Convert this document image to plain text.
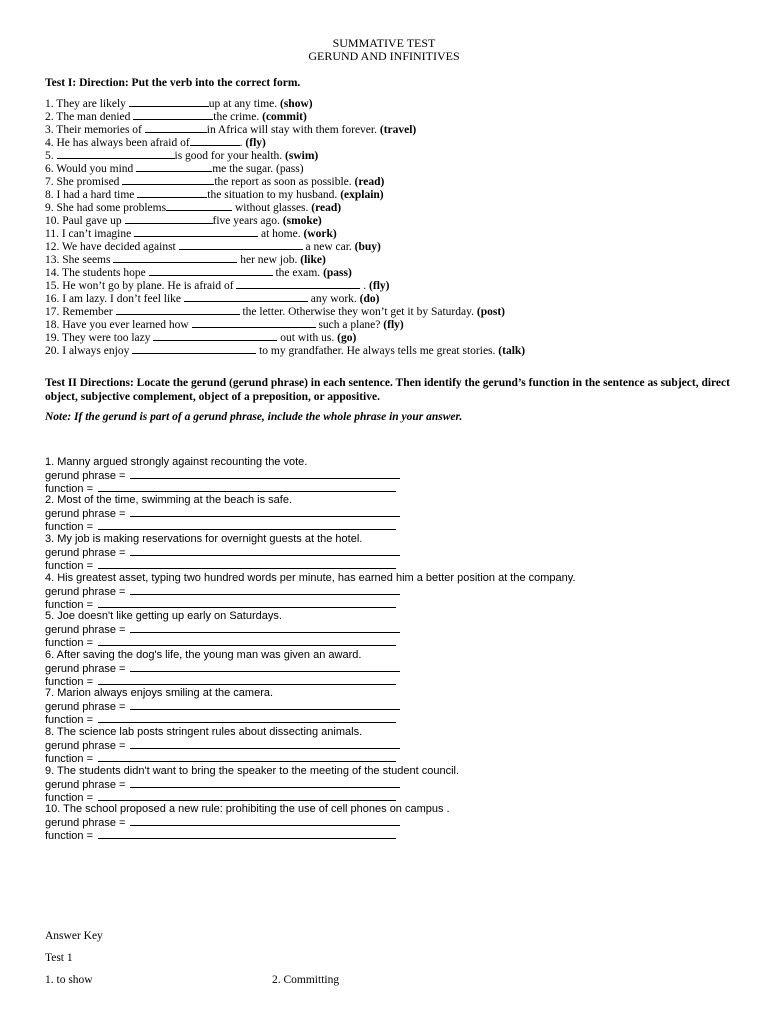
SUMMATIVE TEST
GERUND AND INFINITIVES
Test I: Direction: Put the verb into the correct form.
1. They are likely	up at any time. (show)
2. The man denied	the crime. (commit)
3. Their memories of	in Africa will stay with them forever. (travel)
4. He has always been afraid of	. (fly)
5.	is good for your health. (swim)
6. Would you mind	me the sugar. (pass)
7. She promised	the report as soon as possible. (read)
8. I had a hard time	the situation to my husband. (explain)
9. She had some problems	without glasses. (read)
10. Paul gave up	five years ago. (smoke)
11. I can’t imagine	at home. (work)
12. We have decided against	a new car. (buy)
13. She seems	her new job. (like)
14. The students hope	the exam. (pass)
15. He won’t go by plane. He is afraid of	. (fly)
16. I am lazy. I don’t feel like	any work. (do)
17. Remember	the letter. Otherwise they won’t get it by Saturday. (post)
18. Have you ever learned how	such a plane? (fly)
19. They were too lazy	out with us. (go)
20. I always enjoy	to my grandfather. He always tells me great stories. (talk)
Test II Directions: Locate the gerund (gerund phrase) in each sentence. Then identify the gerund’s function in the sentence as subject, direct object, subjective complement, object of a preposition, or appositive.
Note: If the gerund is part of a gerund phrase, include the whole phrase in your answer.
1. Manny argued strongly against recounting the vote.
gerund phrase =
function =
2. Most of the time, swimming at the beach is safe.
gerund phrase =
function =
3. My job is making reservations for overnight guests at the hotel.
gerund phrase =
function =
4. His greatest asset, typing two hundred words per minute, has earned him a better position at the company.
gerund phrase =
function =
5. Joe doesn't like getting up early on Saturdays.
gerund phrase =
function =
6. After saving the dog's life, the young man was given an award.
gerund phrase =
function =
7. Marion always enjoys smiling at the camera.
gerund phrase =
function =
8. The science lab posts stringent rules about dissecting animals.
gerund phrase =
function =
9. The students didn't want to bring the speaker to the meeting of the student council.
gerund phrase =
function =
10. The school proposed a new rule: prohibiting the use of cell phones on campus .
gerund phrase =
function =
Answer Key
Test 1
1. to show	2. Committing
